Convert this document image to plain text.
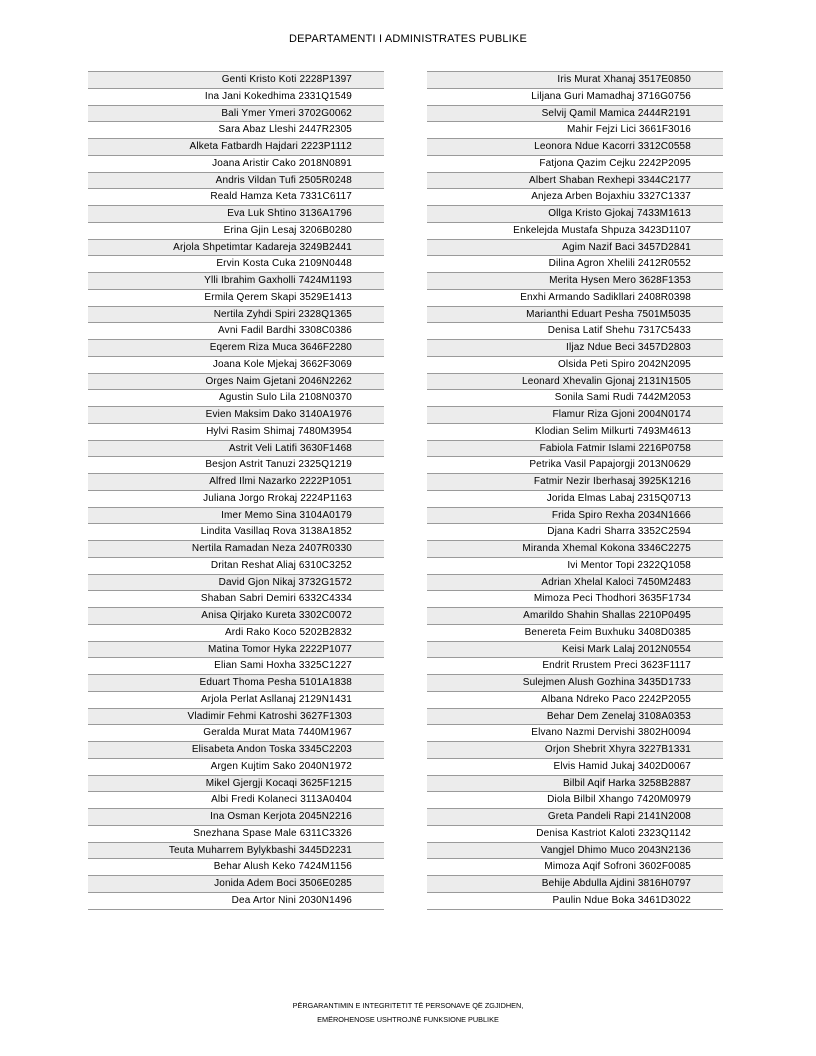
DEPARTAMENTI I ADMINISTRATES PUBLIKE
Genti Kristo Koti 2228P1397
Ina Jani Kokedhima 2331Q1549
Bali Ymer Ymeri 3702G0062
Sara Abaz Lleshi 2447R2305
Alketa Fatbardh Hajdari 2223P1112
Joana Aristir Cako 2018N0891
Andris Vildan Tufi 2505R0248
Reald Hamza Keta 7331C6117
Eva Luk Shtino 3136A1796
Erina Gjin Lesaj 3206B0280
Arjola Shpetimtar Kadareja 3249B2441
Ervin Kosta Cuka 2109N0448
Ylli Ibrahim Gaxholli 7424M1193
Ermila Qerem Skapi 3529E1413
Nertila Zyhdi Spiri 2328Q1365
Avni Fadil Bardhi 3308C0386
Eqerem Riza Muca 3646F2280
Joana Kole Mjekaj 3662F3069
Orges Naim Gjetani 2046N2262
Agustin Sulo Lila 2108N0370
Evien Maksim Dako 3140A1976
Hylvi Rasim Shimaj 7480M3954
Astrit Veli Latifi 3630F1468
Besjon Astrit Tanuzi 2325Q1219
Alfred Ilmi Nazarko 2222P1051
Juliana Jorgo Rrokaj 2224P1163
Imer Memo Sina 3104A0179
Lindita Vasillaq Rova 3138A1852
Nertila Ramadan Neza 2407R0330
Dritan Reshat Aliaj 6310C3252
David Gjon Nikaj 3732G1572
Shaban Sabri Demiri 6332C4334
Anisa Qirjako Kureta 3302C0072
Ardi Rako Koco 5202B2832
Matina Tomor Hyka 2222P1077
Elian Sami Hoxha 3325C1227
Eduart Thoma Pesha 5101A1838
Arjola Perlat Asllanaj 2129N1431
Vladimir Fehmi Katroshi 3627F1303
Geralda Murat Mata 7440M1967
Elisabeta Andon Toska 3345C2203
Argen Kujtim Sako 2040N1972
Mikel Gjergji Kocaqi 3625F1215
Albi Fredi Kolaneci 3113A0404
Ina Osman Kerjota 2045N2216
Snezhana Spase Male 6311C3326
Teuta Muharrem Bylykbashi 3445D2231
Behar Alush Keko 7424M1156
Jonida Adem Boci 3506E0285
Dea Artor Nini 2030N1496
Iris Murat Xhanaj 3517E0850
Liljana Guri Mamadhaj 3716G0756
Selvij Qamil Mamica 2444R2191
Mahir Fejzi Lici 3661F3016
Leonora Ndue Kacorri 3312C0558
Fatjona Qazim Cejku 2242P2095
Albert Shaban Rexhepi 3344C2177
Anjeza Arben Bojaxhiu 3327C1337
Ollga Kristo Gjokaj 7433M1613
Enkelejda Mustafa Shpuza 3423D1107
Agim Nazif Baci 3457D2841
Dilina Agron Xhelili 2412R0552
Merita Hysen Mero 3628F1353
Enxhi Armando Sadikllari 2408R0398
Marianthi Eduart Pesha 7501M5035
Denisa Latif Shehu 7317C5433
Iljaz Ndue Beci 3457D2803
Olsida Peti Spiro 2042N2095
Leonard Xhevalin Gjonaj 2131N1505
Sonila Sami Rudi 7442M2053
Flamur Riza Gjoni 2004N0174
Klodian Selim Milkurti 7493M4613
Fabiola Fatmir Islami 2216P0758
Petrika Vasil Papajorgji 2013N0629
Fatmir Nezir Iberhasaj 3925K1216
Jorida Elmas Labaj 2315Q0713
Frida Spiro Rexha 2034N1666
Djana Kadri Sharra 3352C2594
Miranda Xhemal Kokona 3346C2275
Ivi Mentor Topi 2322Q1058
Adrian Xhelal Kaloci 7450M2483
Mimoza Peci Thodhori 3635F1734
Amarildo Shahin Shallas 2210P0495
Benereta Feim Buxhuku 3408D0385
Keisi Mark Lalaj 2012N0554
Endrit Rrustem Preci 3623F1117
Sulejmen Alush Gozhina 3435D1733
Albana Ndreko Paco 2242P2055
Behar Dem Zenelaj 3108A0353
Elvano Nazmi Dervishi 3802H0094
Orjon Shebrit Xhyra 3227B1331
Elvis Hamid Jukaj 3402D0067
Bilbil Aqif Harka 3258B2887
Diola Bilbil Xhango 7420M0979
Greta Pandeli Rapi 2141N2008
Denisa Kastriot Kaloti 2323Q1142
Vangjel Dhimo Muco 2043N2136
Mimoza Aqif Sofroni 3602F0085
Behije Abdulla Ajdini 3816H0797
Paulin Ndue Boka 3461D3022
PËRGARANTIMIN E INTEGRITETIT TË PERSONAVE QË ZGJIDHEN,
EMËROHENOSE USHTROJNË FUNKSIONE PUBLIKE
